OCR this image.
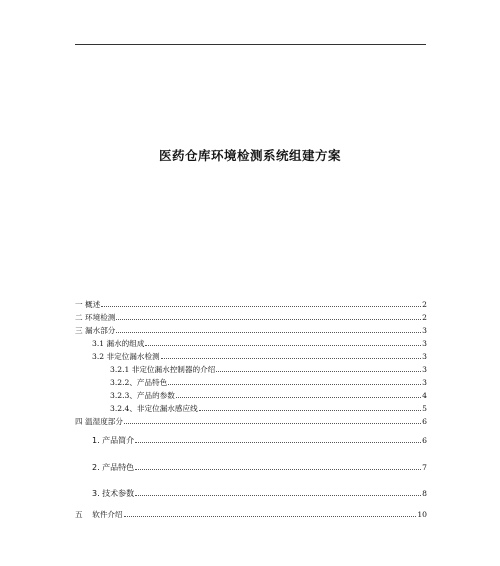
医药仓库环境检测系统组建方案
一 概述	2
二 环境检测	2
三 漏水部分	3
3.1 漏水的组成	3
3.2 非定位漏水检测	3
3.2.1 非定位漏水控制器的介绍	3
3.2.2、产品特色	3
3.2.3、产品的参数	4
3.2.4、非定位漏水感应线	5
四 温湿度部分	6
1. 产品简介	6
2. 产品特色	7
3. 技术参数	8
五    软件介绍	10
